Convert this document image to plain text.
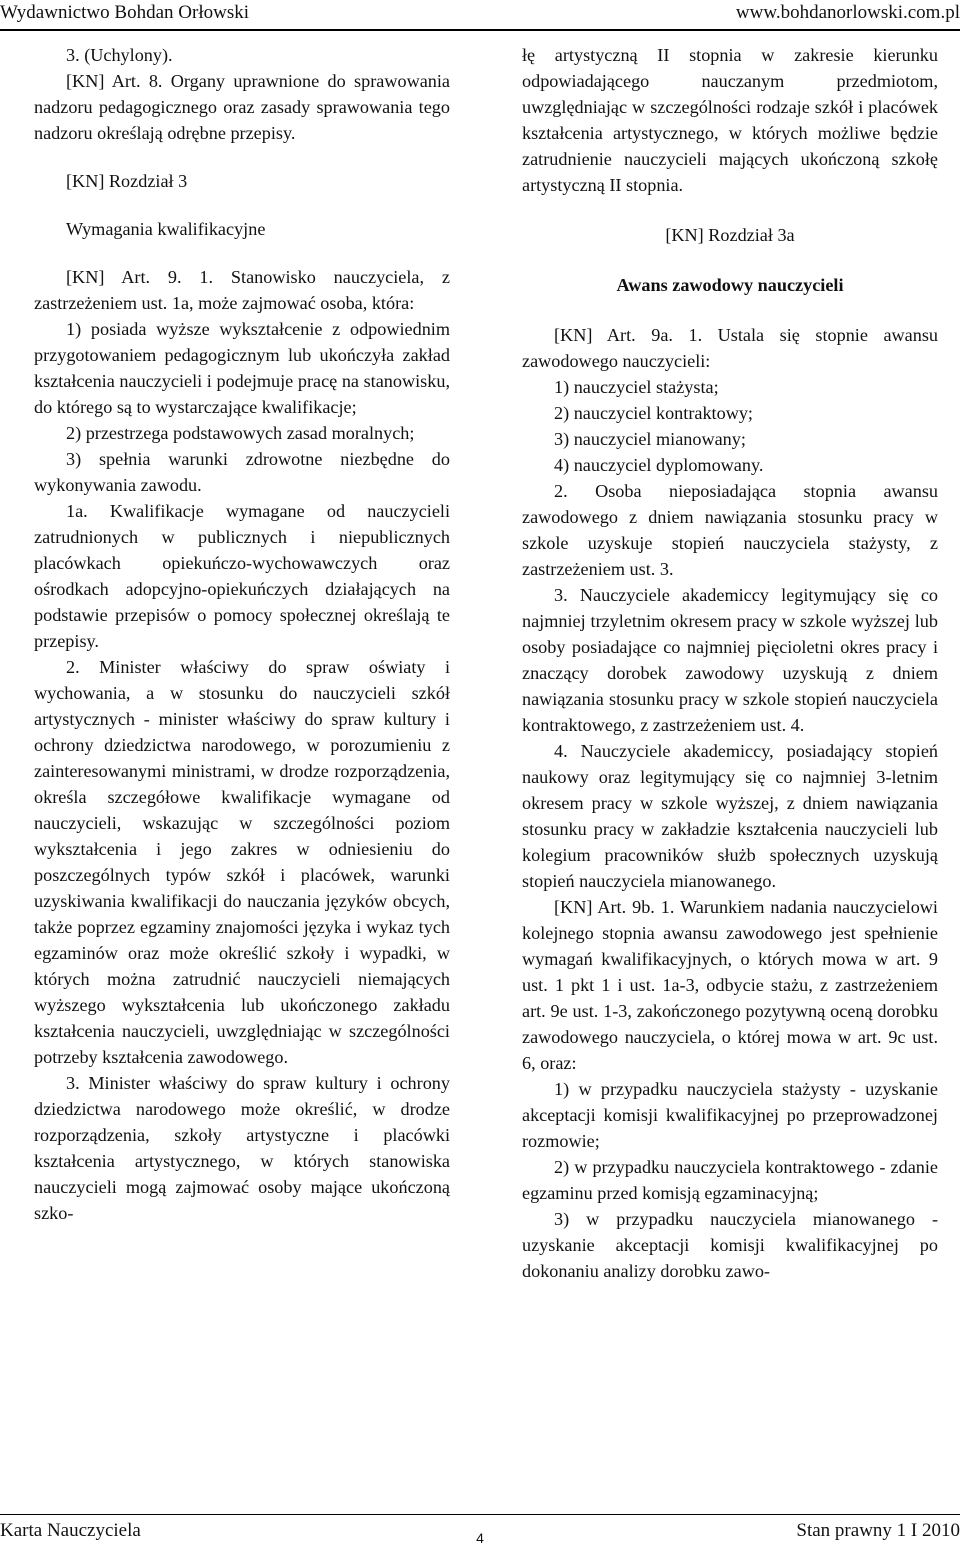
Wydawnictwo Bohdan Orłowski	www.bohdanorlowski.com.pl

3. (Uchylony).

[KN] Art. 8. Organy uprawnione do sprawowania nadzoru pedagogicznego oraz zasady sprawowania tego nadzoru określają odrębne przepisy.

[KN] Rozdział 3

Wymagania kwalifikacyjne

[KN] Art. 9. 1. Stanowisko nauczyciela, z zastrzeżeniem ust. 1a, może zajmować osoba, która:

1) posiada wyższe wykształcenie z odpowiednim przygotowaniem pedagogicznym lub ukończyła zakład kształcenia nauczycieli i podejmuje pracę na stanowisku, do którego są to wystarczające kwalifikacje;

2) przestrzega podstawowych zasad moralnych;

3) spełnia warunki zdrowotne niezbędne do wykonywania zawodu.

1a. Kwalifikacje wymagane od nauczycieli zatrudnionych w publicznych i niepublicznych placówkach opiekuńczo-wychowawczych oraz ośrodkach adopcyjno-opiekuńczych działających na podstawie przepisów o pomocy społecznej określają te przepisy.

2. Minister właściwy do spraw oświaty i wychowania, a w stosunku do nauczycieli szkół artystycznych - minister właściwy do spraw kultury i ochrony dziedzictwa narodowego, w porozumieniu z zainteresowanymi ministrami, w drodze rozporządzenia, określa szczegółowe kwalifikacje wymagane od nauczycieli, wskazując w szczególności poziom wykształcenia i jego zakres w odniesieniu do poszczególnych typów szkół i placówek, warunki uzyskiwania kwalifikacji do nauczania języków obcych, także poprzez egzaminy znajomości języka i wykaz tych egzaminów oraz może określić szkoły i wypadki, w których można zatrudnić nauczycieli niemających wyższego wykształcenia lub ukończonego zakładu kształcenia nauczycieli, uwzględniając w szczególności potrzeby kształcenia zawodowego.

3. Minister właściwy do spraw kultury i ochrony dziedzictwa narodowego może określić, w drodze rozporządzenia, szkoły artystyczne i placówki kształcenia artystycznego, w których stanowiska nauczycieli mogą zajmować osoby mające ukończoną szko-

łę artystyczną II stopnia w zakresie kierunku odpowiadającego nauczanym przedmiotom, uwzględniając w szczególności rodzaje szkół i placówek kształcenia artystycznego, w których możliwe będzie zatrudnienie nauczycieli mających ukończoną szkołę artystyczną II stopnia.

[KN] Rozdział 3a

Awans zawodowy nauczycieli

[KN] Art. 9a. 1. Ustala się stopnie awansu zawodowego nauczycieli:

1) nauczyciel stażysta;

2) nauczyciel kontraktowy;

3) nauczyciel mianowany;

4) nauczyciel dyplomowany.

2. Osoba nieposiadająca stopnia awansu zawodowego z dniem nawiązania stosunku pracy w szkole uzyskuje stopień nauczyciela stażysty, z zastrzeżeniem ust. 3.

3. Nauczyciele akademiccy legitymujący się co najmniej trzyletnim okresem pracy w szkole wyższej lub osoby posiadające co najmniej pięcioletni okres pracy i znaczący dorobek zawodowy uzyskują z dniem nawiązania stosunku pracy w szkole stopień nauczyciela kontraktowego, z zastrzeżeniem ust. 4.

4. Nauczyciele akademiccy, posiadający stopień naukowy oraz legitymujący się co najmniej 3-letnim okresem pracy w szkole wyższej, z dniem nawiązania stosunku pracy w zakładzie kształcenia nauczycieli lub kolegium pracowników służb społecznych uzyskują stopień nauczyciela mianowanego.

[KN] Art. 9b. 1. Warunkiem nadania nauczycielowi kolejnego stopnia awansu zawodowego jest spełnienie wymagań kwalifikacyjnych, o których mowa w art. 9 ust. 1 pkt 1 i ust. 1a-3, odbycie stażu, z zastrzeżeniem art. 9e ust. 1-3, zakończonego pozytywną oceną dorobku zawodowego nauczyciela, o której mowa w art. 9c ust. 6, oraz:

1) w przypadku nauczyciela stażysty - uzyskanie akceptacji komisji kwalifikacyjnej po przeprowadzonej rozmowie;

2) w przypadku nauczyciela kontraktowego - zdanie egzaminu przed komisją egzaminacyjną;

3) w przypadku nauczyciela mianowanego - uzyskanie akceptacji komisji kwalifikacyjnej po dokonaniu analizy dorobku zawo-

Karta Nauczyciela	4	Stan prawny 1 I 2010
